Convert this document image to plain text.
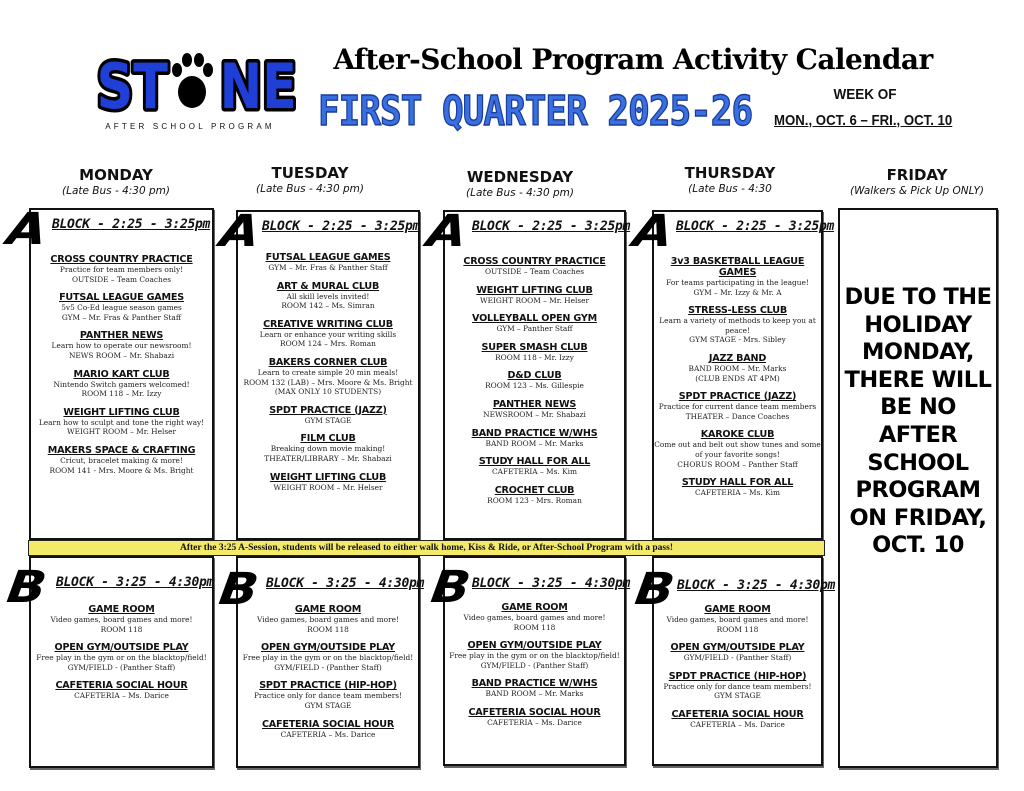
ST NE
AFTER SCHOOL PROGRAM
After-School Program Activity Calendar
FIRST QUARTER 2025-26	WEEK OF
MON., OCT. 6 – FRI., OCT. 10
MONDAY
(Late Bus - 4:30 pm)
TUESDAY
(Late Bus - 4:30 pm)
WEDNESDAY
(Late Bus - 4:30 pm)
THURSDAY
(Late Bus - 4:30
FRIDAY
(Walkers & Pick Up ONLY)
CROSS COUNTRY PRACTICE
Practice for team members only!
OUTSIDE – Team Coaches
FUTSAL LEAGUE GAMES
5v5 Co-Ed league season games
GYM – Mr. Fras & Panther Staff
PANTHER NEWS
Learn how to operate our newsroom!
NEWS ROOM – Mr. Shabazi
MARIO KART CLUB
Nintendo Switch gamers welcomed!
ROOM 118 – Mr. Izzy
WEIGHT LIFTING CLUB
Learn how to sculpt and tone the right way!
WEIGHT ROOM – Mr. Helser
MAKERS SPACE & CRAFTING
Cricut, bracelet making & more!
ROOM 141 - Mrs. Moore & Ms. Bright
FUTSAL LEAGUE GAMES
GYM – Mr. Fras & Panther Staff
ART & MURAL CLUB
All skill levels invited!
ROOM 142 – Ms. Simran
CREATIVE WRITING CLUB
Learn or enhance your writing skills
ROOM 124 – Mrs. Roman
BAKERS CORNER CLUB
Learn to create simple 20 min meals!
ROOM 132 (LAB) – Mrs. Moore & Ms. Bright
(MAX ONLY 10 STUDENTS)
SPDT PRACTICE (JAZZ)
GYM STAGE
FILM CLUB
Breaking down movie making!
THEATER/LIBRARY – Mr. Shabazi
WEIGHT LIFTING CLUB
WEIGHT ROOM – Mr. Helser
CROSS COUNTRY PRACTICE
OUTSIDE – Team Coaches
WEIGHT LIFTING CLUB
WEIGHT ROOM – Mr. Helser
VOLLEYBALL OPEN GYM
GYM – Panther Staff
SUPER SMASH CLUB
ROOM 118 - Mr. Izzy
D&D CLUB
ROOM 123 – Ms. Gillespie
PANTHER NEWS
NEWSROOM – Mr. Shabazi
BAND PRACTICE W/WHS
BAND ROOM – Mr. Marks
STUDY HALL FOR ALL
CAFETERIA – Ms. Kim
CROCHET CLUB
ROOM 123 - Mrs. Roman
3v3 BASKETBALL LEAGUE GAMES
For teams participating in the league!
GYM – Mr. Izzy & Mr. A
STRESS-LESS CLUB
Learn a variety of methods to keep you at peace!
GYM STAGE - Mrs. Sibley
JAZZ BAND
BAND ROOM – Mr. Marks
(CLUB ENDS AT 4PM)
SPDT PRACTICE (JAZZ)
Practice for current dance team members
THEATER – Dance Coaches
KAROKE CLUB
Come out and belt out show tunes and some of your favorite songs!
CHORUS ROOM – Panther Staff
STUDY HALL FOR ALL
CAFETERIA – Ms. Kim
A BLOCK - 2:25 - 3:25pm A
BLOCK - 2:25 - 3:25pm A BLOCK - 2:25 - 3:25pm A BLOCK - 2:25 - 3:25pm
After the 3:25 A-Session, students will be released to either walk home, Kiss & Ride, or After-School Program with a pass!
GAME ROOM
Video games, board games and more!
ROOM 118
OPEN GYM/OUTSIDE PLAY
Free play in the gym or on the blacktop/field!
GYM/FIELD - (Panther Staff)
CAFETERIA SOCIAL HOUR
CAFETERIA – Ms. Darice
GAME ROOM
Video games, board games and more!
ROOM 118
OPEN GYM/OUTSIDE PLAY
Free play in the gym or on the blacktop/field!
GYM/FIELD - (Panther Staff)
SPDT PRACTICE (HIP-HOP)
Practice only for dance team members!
GYM STAGE
CAFETERIA SOCIAL HOUR
CAFETERIA – Ms. Darice
GAME ROOM
Video games, board games and more!
ROOM 118
OPEN GYM/OUTSIDE PLAY
Free play in the gym or on the blacktop/field!
GYM/FIELD - (Panther Staff)
BAND PRACTICE W/WHS
BAND ROOM – Mr. Marks
CAFETERIA SOCIAL HOUR
CAFETERIA – Ms. Darice
GAME ROOM
Video games, board games and more!
ROOM 118
OPEN GYM/OUTSIDE PLAY
GYM/FIELD - (Panther Staff)
SPDT PRACTICE (HIP-HOP)
Practice only for dance team members!
GYM STAGE
CAFETERIA SOCIAL HOUR
CAFETERIA – Ms. Darice
B BLOCK - 3:25 - 4:30pm B BLOCK - 3:25 - 4:30pm B
BLOCK - 3:25 - 4:30pm B BLOCK - 3:25 - 4:30pm
DUE TO THE HOLIDAY MONDAY, THERE WILL BE NO AFTER SCHOOL PROGRAM ON FRIDAY, OCT. 10
